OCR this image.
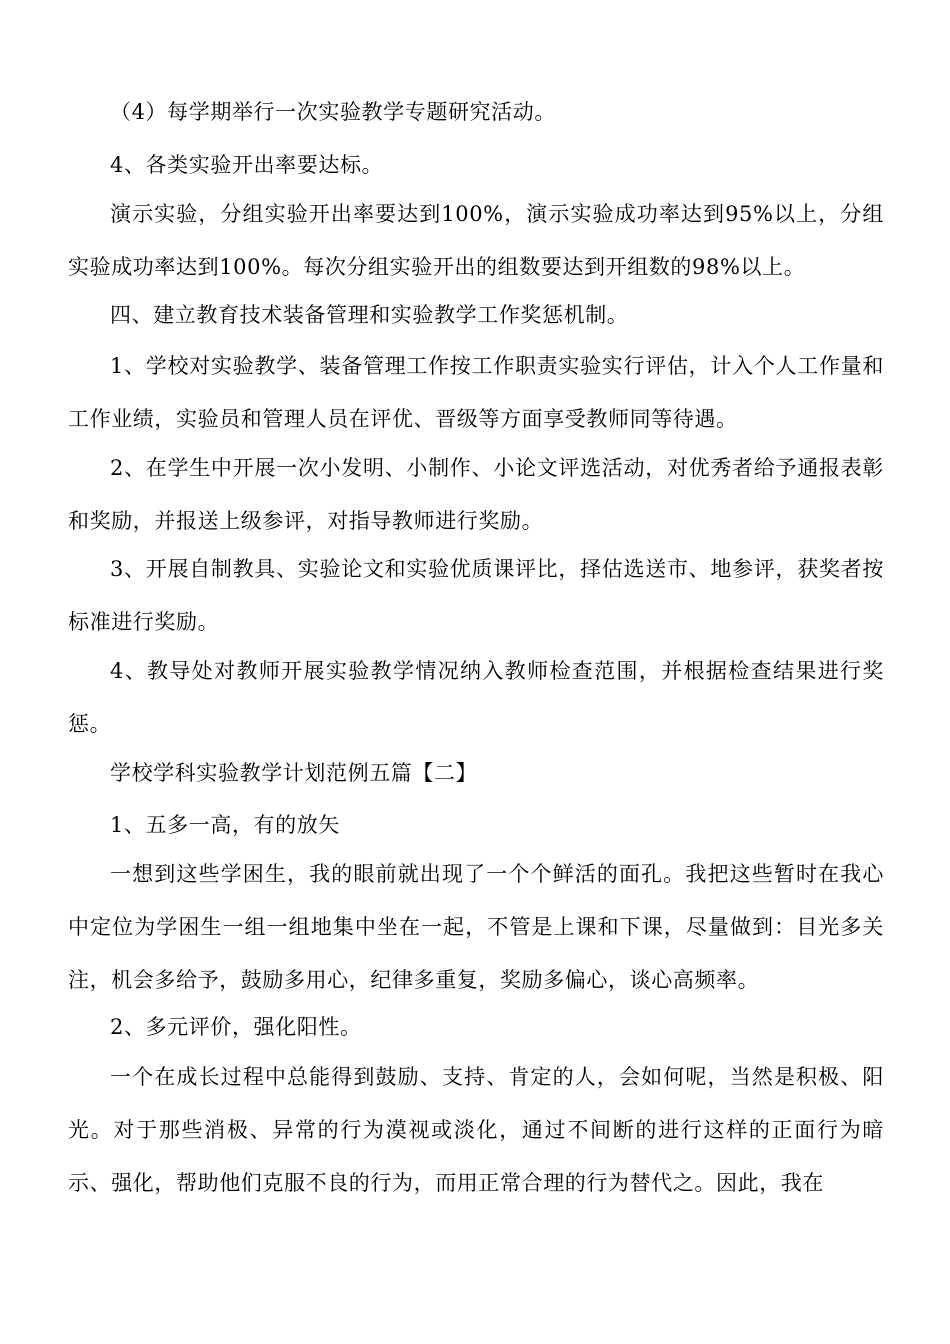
（4）每学期举行一次实验教学专题研究活动。

4、各类实验开出率要达标。

演示实验，分组实验开出率要达到100%，演示实验成功率达到95%以上，分组实验成功率达到100%。每次分组实验开出的组数要达到开组数的98%以上。

四、建立教育技术装备管理和实验教学工作奖惩机制。

1、学校对实验教学、装备管理工作按工作职责实验实行评估，计入个人工作量和工作业绩，实验员和管理人员在评优、晋级等方面享受教师同等待遇。

2、在学生中开展一次小发明、小制作、小论文评选活动，对优秀者给予通报表彰和奖励，并报送上级参评，对指导教师进行奖励。

3、开展自制教具、实验论文和实验优质课评比，择估选送市、地参评，获奖者按标准进行奖励。

4、教导处对教师开展实验教学情况纳入教师检查范围，并根据检查结果进行奖惩。

学校学科实验教学计划范例五篇【二】

1、五多一高，有的放矢

一想到这些学困生，我的眼前就出现了一个个鲜活的面孔。我把这些暂时在我心中定位为学困生一组一组地集中坐在一起，不管是上课和下课，尽量做到：目光多关注，机会多给予，鼓励多用心，纪律多重复，奖励多偏心，谈心高频率。

2、多元评价，强化阳性。

一个在成长过程中总能得到鼓励、支持、肯定的人，会如何呢，当然是积极、阳光。对于那些消极、异常的行为漠视或淡化，通过不间断的进行这样的正面行为暗示、强化，帮助他们克服不良的行为，而用正常合理的行为替代之。因此，我在
